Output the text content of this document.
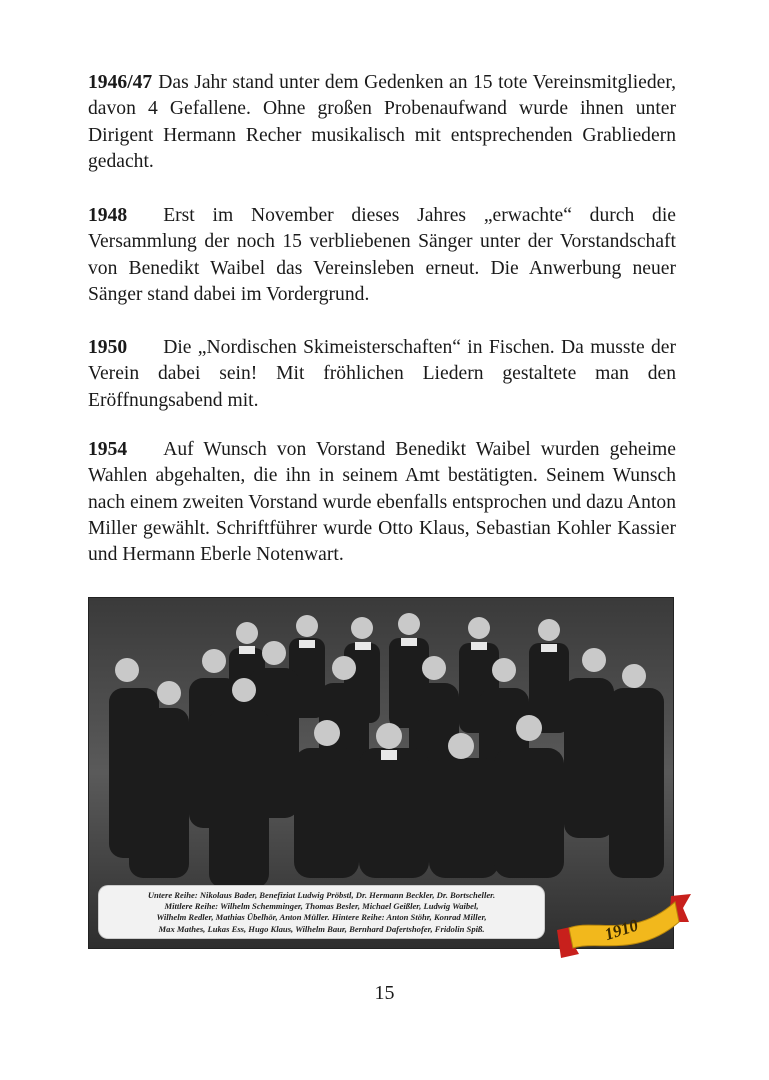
1946/47 Das Jahr stand unter dem Gedenken an 15 tote Vereinsmitglieder, davon 4 Gefallene. Ohne großen Probenaufwand wurde ihnen unter Dirigent Hermann Recher musikalisch mit entsprechenden Grabliedern gedacht.

1948 Erst im November dieses Jahres „erwachte“ durch die Versammlung der noch 15 verbliebenen Sänger unter der Vorstandschaft von Benedikt Waibel das Vereinsleben erneut. Die Anwerbung neuer Sänger stand dabei im Vordergrund.

1950 Die „Nordischen Skimeisterschaften“ in Fischen. Da musste der Verein dabei sein! Mit fröhlichen Liedern gestaltete man den Eröffnungsabend mit.

1954 Auf Wunsch von Vorstand Benedikt Waibel wurden geheime Wahlen abgehalten, die ihn in seinem Amt bestätigten. Seinem Wunsch nach einem zweiten Vorstand wurde ebenfalls entsprochen und dazu Anton Miller gewählt. Schriftführer wurde Otto Klaus, Sebastian Kohler Kassier und Hermann Eberle Notenwart.

Untere Reihe: Nikolaus Bader, Benefiziat Ludwig Pröbstl, Dr. Hermann Beckler, Dr. Bortscheller.
Mittlere Reihe: Wilhelm Schemminger, Thomas Besler, Michael Geißler, Ludwig Waibel,
Wilhelm Redler, Mathias Übelhör, Anton Müller. Hintere Reihe: Anton Stöhr, Konrad Miller,
Max Mathes, Lukas Ess, Hugo Klaus, Wilhelm Baur, Bernhard Dafertshofer, Fridolin Spiß.	1910
15
